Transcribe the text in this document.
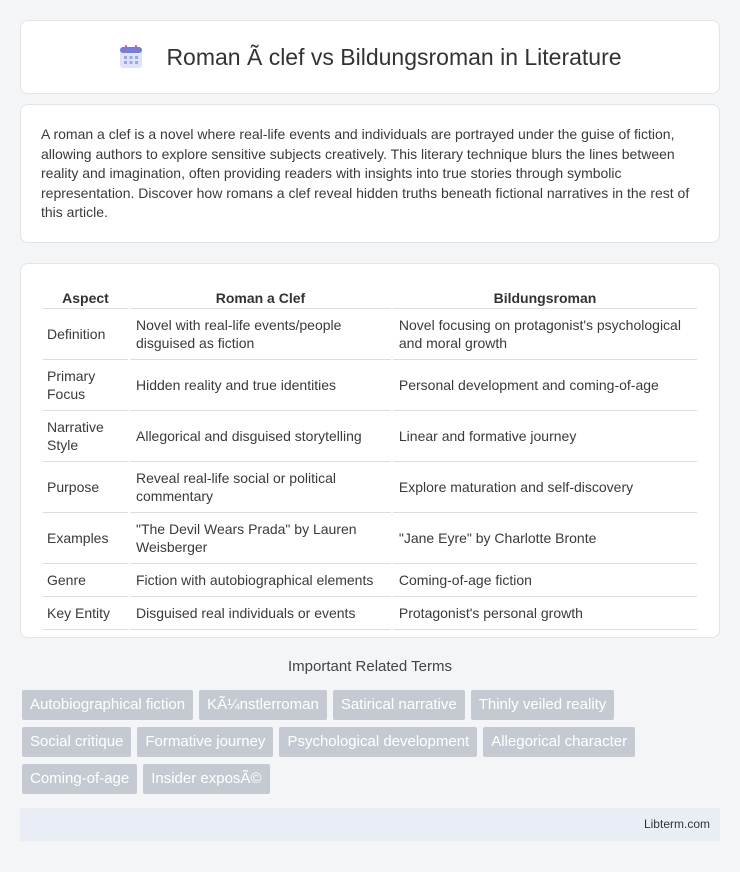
Roman Ã clef vs Bildungsroman in Literature

A roman a clef is a novel where real-life events and individuals are portrayed under the guise of fiction, allowing authors to explore sensitive subjects creatively. This literary technique blurs the lines between reality and imagination, often providing readers with insights into true stories through symbolic representation. Discover how romans a clef reveal hidden truths beneath fictional narratives in the rest of this article.

Aspect	Roman a Clef	Bildungsroman
Definition	Novel with real-life events/people disguised as fiction	Novel focusing on protagonist's psychological and moral growth
Primary Focus	Hidden reality and true identities	Personal development and coming-of-age
Narrative Style	Allegorical and disguised storytelling	Linear and formative journey
Purpose	Reveal real-life social or political commentary	Explore maturation and self-discovery
Examples	"The Devil Wears Prada" by Lauren Weisberger	"Jane Eyre" by Charlotte Bronte
Genre	Fiction with autobiographical elements	Coming-of-age fiction
Key Entity	Disguised real individuals or events	Protagonist's personal growth
Important Related Terms
Autobiographical fiction	KÃ¼nstlerroman	Satirical narrative	Thinly veiled reality
Social critique	Formative journey	Psychological development	Allegorical character
Coming-of-age	Insider exposÃ©
Libterm.com
